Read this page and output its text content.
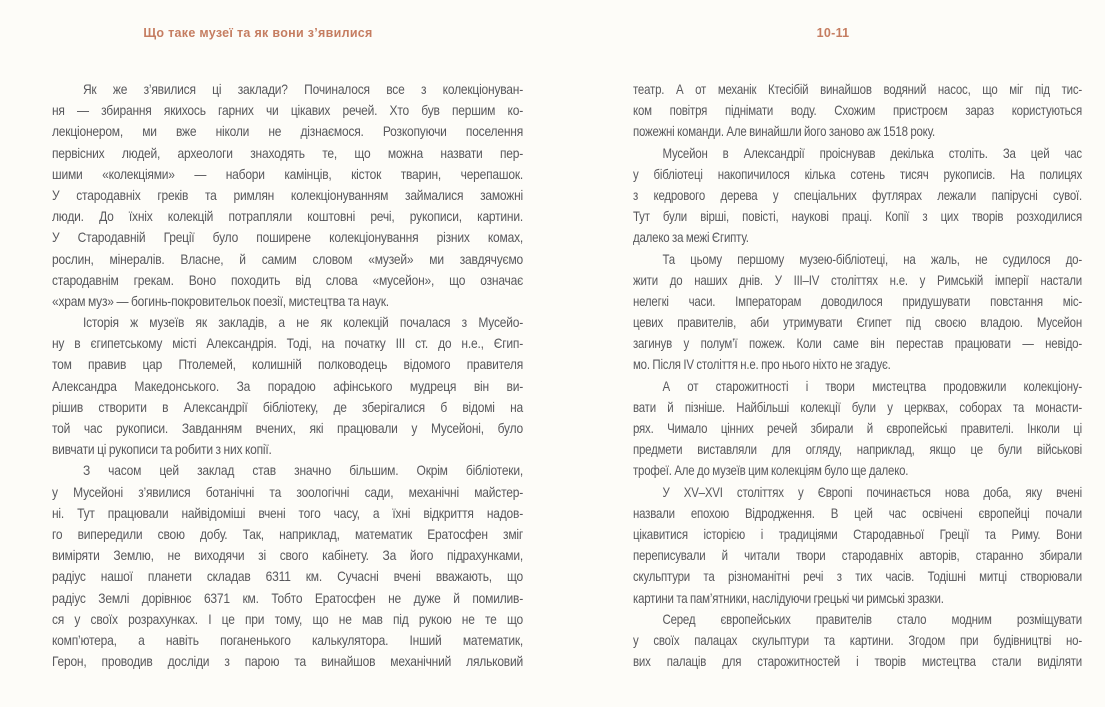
Що таке музеї та як вони з’явилися	10-11
Як же з’явилися ці заклади? Починалося все з колекціонуван-
ня — збирання якихось гарних чи цікавих речей. Хто був першим ко-
лекціонером, ми вже ніколи не дізнаємося. Розкопуючи поселення
первісних людей, археологи знаходять те, що можна назвати пер-
шими «колекціями» — набори камінців, кісток тварин, черепашок.
У стародавніх греків та римлян колекціонуванням займалися заможні
люди. До їхніх колекцій потрапляли коштовні речі, рукописи, картини.
У Стародавній Греції було поширене колекціонування різних комах,
рослин, мінералів. Власне, й самим словом «музей» ми завдячуємо
стародавнім грекам. Воно походить від слова «мусейон», що означає
«храм муз» — богинь-покровительок поезії, мистецтва та наук.
Історія ж музеїв як закладів, а не як колекцій почалася з Мусейо-
ну в єгипетському місті Александрія. Тоді, на початку III ст. до н.е., Єгип-
том правив цар Птолемей, колишній полководець відомого правителя
Александра Македонського. За порадою афінського мудреця він ви-
рішив створити в Александрії бібліотеку, де зберігалися б відомі на
той час рукописи. Завданням вчених, які працювали у Мусейоні, було
вивчати ці рукописи та робити з них копії.
З часом цей заклад став значно більшим. Окрім бібліотеки,
у Мусейоні з’явилися ботанічні та зоологічні сади, механічні майстер-
ні. Тут працювали найвідоміші вчені того часу, а їхні відкриття надов-
го випередили свою добу. Так, наприклад, математик Ератосфен зміг
виміряти Землю, не виходячи зі свого кабінету. За його підрахунками,
радіус нашої планети складав 6311 км. Сучасні вчені вважають, що
радіус Землі дорівнює 6371 км. Тобто Ератосфен не дуже й помилив-
ся у своїх розрахунках. І це при тому, що не мав під рукою не те що
комп’ютера, а навіть поганенького калькулятора. Інший математик,
Герон, проводив досліди з парою та винайшов механічний ляльковий
театр. А от механік Ктесібій винайшов водяний насос, що міг під тис-
ком повітря піднімати воду. Схожим пристроєм зараз користуються
пожежні команди. Але винайшли його заново аж 1518 року.
Мусейон в Александрії проіснував декілька століть. За цей час
у бібліотеці накопичилося кілька сотень тисяч рукописів. На полицях
з кедрового дерева у спеціальних футлярах лежали папірусні сувої.
Тут були вірші, повісті, наукові праці. Копії з цих творів розходилися
далеко за межі Єгипту.
Та цьому першому музею-бібліотеці, на жаль, не судилося до-
жити до наших днів. У III–IV століттях н.е. у Римській імперії настали
нелегкі часи. Імператорам доводилося придушувати повстання міс-
цевих правителів, аби утримувати Єгипет під своєю владою. Мусейон
загинув у полум’ї пожеж. Коли саме він перестав працювати — невідо-
мо. Після IV століття н.е. про нього ніхто не згадує.
А от старожитності і твори мистецтва продовжили колекціону-
вати й пізніше. Найбільші колекції були у церквах, соборах та монасти-
рях. Чимало цінних речей збирали й європейські правителі. Інколи ці
предмети виставляли для огляду, наприклад, якщо це були військові
трофеї. Але до музеїв цим колекціям було ще далеко.
У XV–XVI століттях у Європі починається нова доба, яку вчені
назвали епохою Відродження. В цей час освічені європейці почали
цікавитися історією і традиціями Стародавньої Греції та Риму. Вони
переписували й читали твори стародавніх авторів, старанно збирали
скульптури та різноманітні речі з тих часів. Тодішні митці створювали
картини та пам’ятники, наслідуючи грецькі чи римські зразки.
Серед європейських правителів стало модним розміщувати
у своїх палацах скульптури та картини. Згодом при будівництві но-
вих палаців для старожитностей і творів мистецтва стали виділяти
